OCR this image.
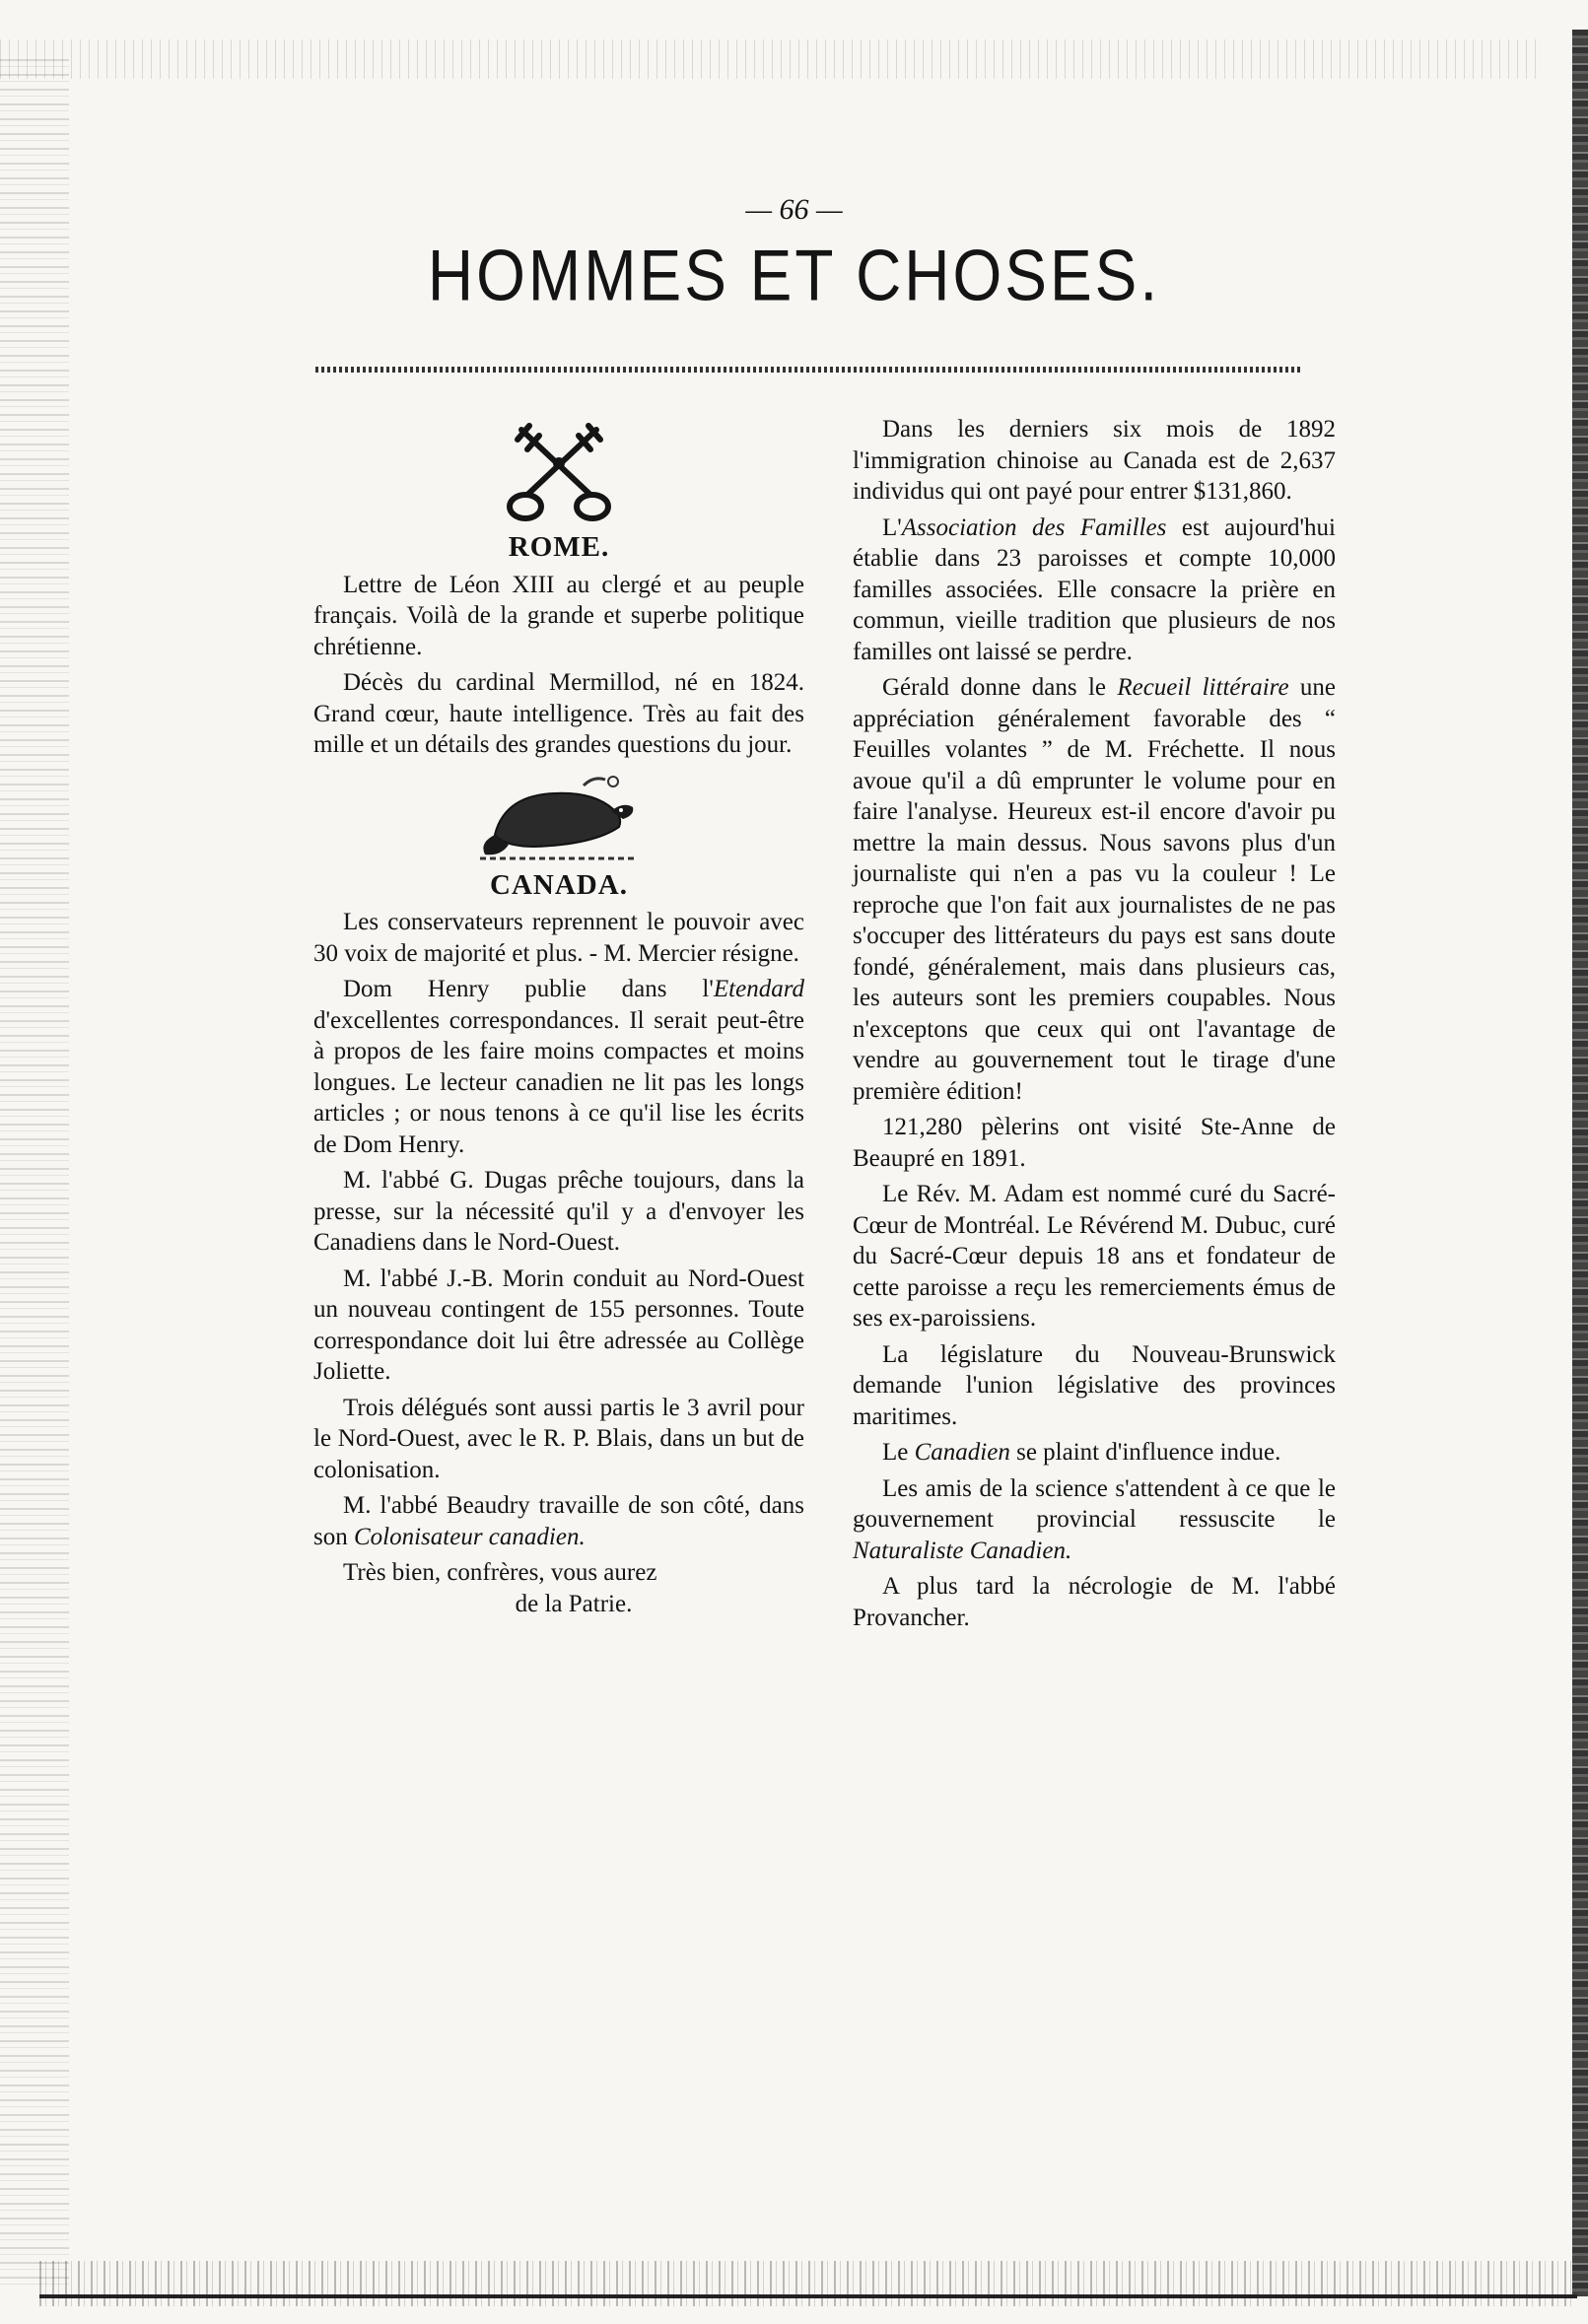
— 66 —
HOMMES ET CHOSES.
ROME.

Lettre de Léon XIII au clergé et au peuple français. Voilà de la grande et superbe politique chrétienne.

Décès du cardinal Mermillod, né en 1824. Grand cœur, haute intelligence. Très au fait des mille et un détails des grandes questions du jour.

CANADA.

Les conservateurs reprennent le pouvoir avec 30 voix de majorité et plus. - M. Mercier résigne.

Dom Henry publie dans l'Etendard d'excellentes correspondances. Il serait peut-être à propos de les faire moins compactes et moins longues. Le lecteur canadien ne lit pas les longs articles ; or nous tenons à ce qu'il lise les écrits de Dom Henry.

M. l'abbé G. Dugas prêche toujours, dans la presse, sur la nécessité qu'il y a d'envoyer les Canadiens dans le Nord-Ouest.

M. l'abbé J.-B. Morin conduit au Nord-Ouest un nouveau contingent de 155 personnes. Toute correspondance doit lui être adressée au Collège Joliette.

Trois délégués sont aussi partis le 3 avril pour le Nord-Ouest, avec le R. P. Blais, dans un but de colonisation.

M. l'abbé Beaudry travaille de son côté, dans son Colonisateur canadien.

Très bien, confrères, vous aurez

de la Patrie.

Dans les derniers six mois de 1892 l'immigration chinoise au Canada est de 2,637 individus qui ont payé pour entrer $131,860.

L'Association des Familles est aujourd'hui établie dans 23 paroisses et compte 10,000 familles associées. Elle consacre la prière en commun, vieille tradition que plusieurs de nos familles ont laissé se perdre.

Gérald donne dans le Recueil littéraire une appréciation généralement favorable des “ Feuilles volantes ” de M. Fréchette. Il nous avoue qu'il a dû emprunter le volume pour en faire l'analyse. Heureux est-il encore d'avoir pu mettre la main dessus. Nous savons plus d'un journaliste qui n'en a pas vu la couleur ! Le reproche que l'on fait aux journalistes de ne pas s'occuper des littérateurs du pays est sans doute fondé, généralement, mais dans plusieurs cas, les auteurs sont les premiers coupables. Nous n'exceptons que ceux qui ont l'avantage de vendre au gouvernement tout le tirage d'une première édition!

121,280 pèlerins ont visité Ste-Anne de Beaupré en 1891.

Le Rév. M. Adam est nommé curé du Sacré-Cœur de Montréal. Le Révérend M. Dubuc, curé du Sacré-Cœur depuis 18 ans et fondateur de cette paroisse a reçu les remerciements émus de ses ex-paroissiens.

La législature du Nouveau-Brunswick demande l'union législative des provinces maritimes.

Le Canadien se plaint d'influence indue.

Les amis de la science s'attendent à ce que le gouvernement provincial ressuscite le Naturaliste Canadien.

A plus tard la nécrologie de M. l'abbé Provancher.
